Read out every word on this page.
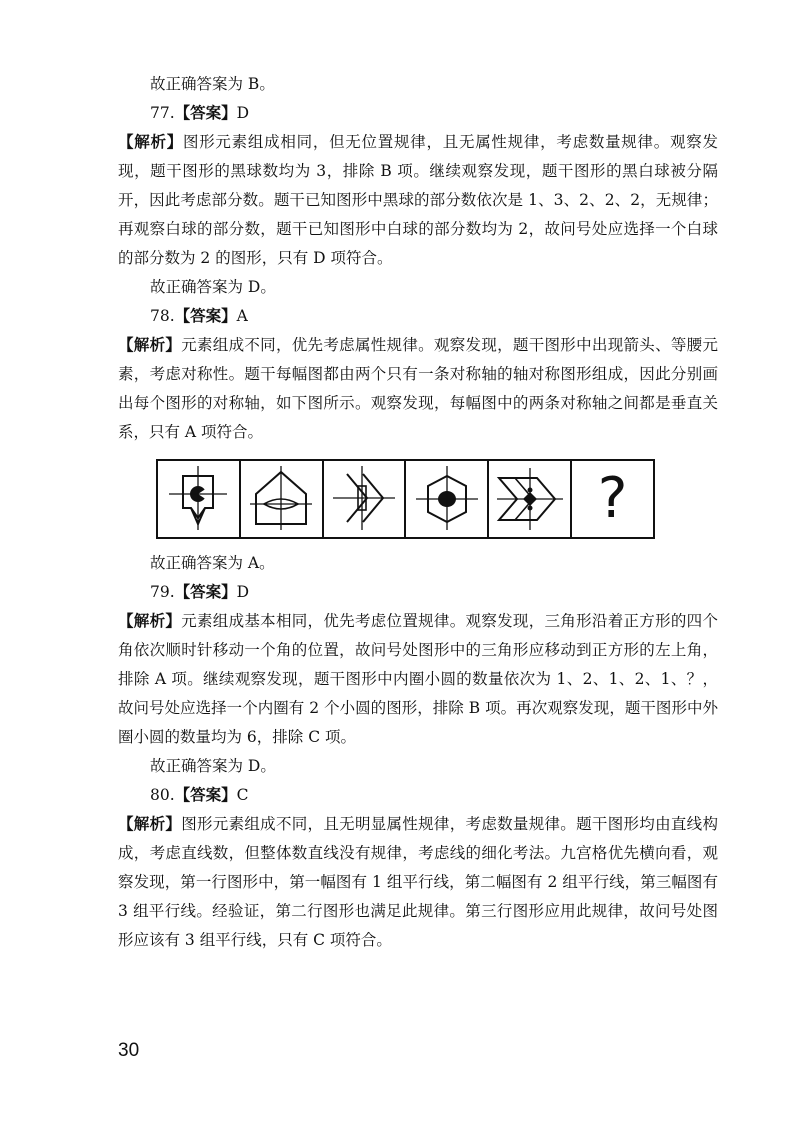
故正确答案为 B。

77.【答案】D

【解析】图形元素组成相同，但无位置规律，且无属性规律，考虑数量规律。观察发现，题干图形的黑球数均为 3，排除 B 项。继续观察发现，题干图形的黑白球被分隔开，因此考虑部分数。题干已知图形中黑球的部分数依次是 1、3、2、2、2，无规律；再观察白球的部分数，题干已知图形中白球的部分数均为 2，故问号处应选择一个白球的部分数为 2 的图形，只有 D 项符合。

故正确答案为 D。

78.【答案】A

【解析】元素组成不同，优先考虑属性规律。观察发现，题干图形中出现箭头、等腰元素，考虑对称性。题干每幅图都由两个只有一条对称轴的轴对称图形组成，因此分别画出每个图形的对称轴，如下图所示。观察发现，每幅图中的两条对称轴之间都是垂直关系，只有 A 项符合。

?

故正确答案为 A。

79.【答案】D

【解析】元素组成基本相同，优先考虑位置规律。观察发现，三角形沿着正方形的四个角依次顺时针移动一个角的位置，故问号处图形中的三角形应移动到正方形的左上角，排除 A 项。继续观察发现，题干图形中内圈小圆的数量依次为 1、2、1、2、1、？，故问号处应选择一个内圈有 2 个小圆的图形，排除 B 项。再次观察发现，题干图形中外圈小圆的数量均为 6，排除 C 项。

故正确答案为 D。

80.【答案】C

【解析】图形元素组成不同，且无明显属性规律，考虑数量规律。题干图形均由直线构成，考虑直线数，但整体数直线没有规律，考虑线的细化考法。九宫格优先横向看，观察发现，第一行图形中，第一幅图有 1 组平行线，第二幅图有 2 组平行线，第三幅图有 3 组平行线。经验证，第二行图形也满足此规律。第三行图形应用此规律，故问号处图形应该有 3 组平行线，只有 C 项符合。

30
